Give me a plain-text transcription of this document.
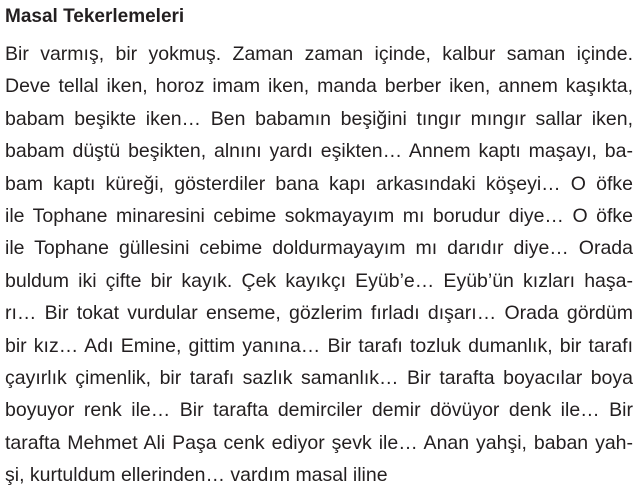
Masal Tekerlemeleri
Bir varmış, bir yokmuş. Zaman zaman içinde, kalbur saman içinde.
Deve tellal iken, horoz imam iken, manda berber iken, annem kaşıkta,
babam beşikte iken… Ben babamın beşiğini tıngır mıngır sallar iken,
babam düştü beşikten, alnını yardı eşikten… Annem kaptı maşayı, ba-
bam kaptı küreği, gösterdiler bana kapı arkasındaki köşeyi… O öfke
ile Tophane minaresini cebime sokmayayım mı borudur diye… O öfke
ile Tophane güllesini cebime doldurmayayım mı darıdır diye… Orada
buldum iki çifte bir kayık. Çek kayıkçı Eyüb’e… Eyüb’ün kızları haşa-
rı… Bir tokat vurdular enseme, gözlerim fırladı dışarı… Orada gördüm
bir kız… Adı Emine, gittim yanına… Bir tarafı tozluk dumanlık, bir tarafı
çayırlık çimenlik, bir tarafı sazlık samanlık… Bir tarafta boyacılar boya
boyuyor renk ile… Bir tarafta demirciler demir dövüyor denk ile… Bir
tarafta Mehmet Ali Paşa cenk ediyor şevk ile… Anan yahşi, baban yah-
şi, kurtuldum ellerinden… vardım masal iline
